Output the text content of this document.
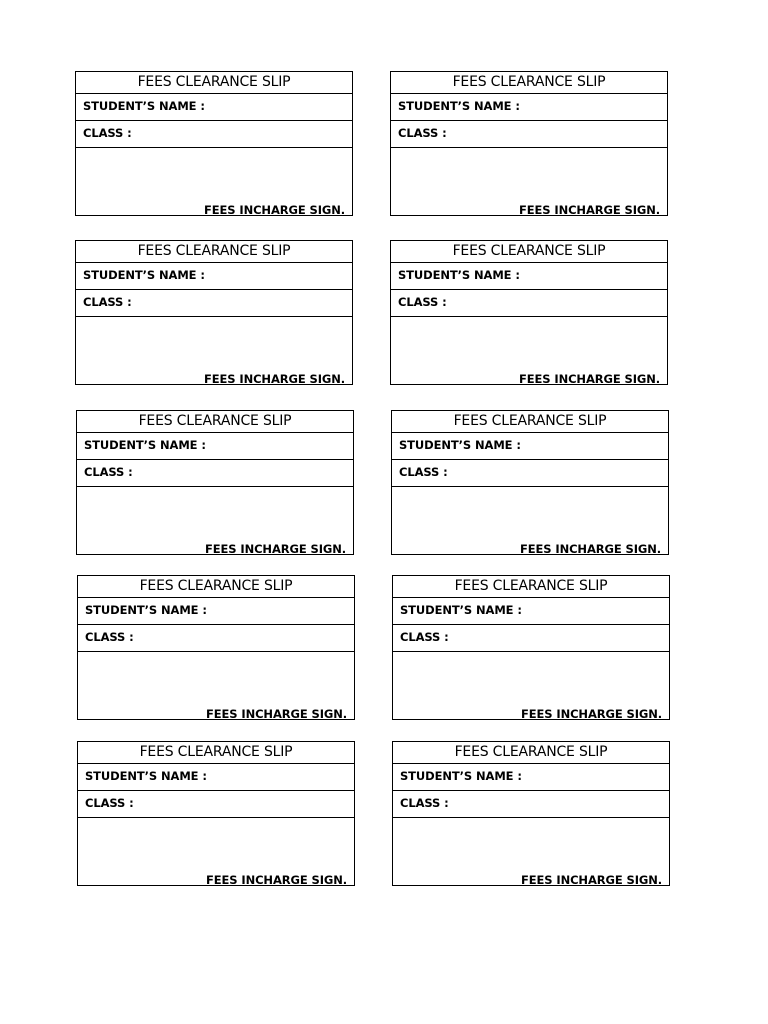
FEES CLEARANCE SLIP
STUDENT’S NAME :
CLASS :
FEES INCHARGE SIGN.
FEES CLEARANCE SLIP
STUDENT’S NAME :
CLASS :
FEES INCHARGE SIGN.
FEES CLEARANCE SLIP
STUDENT’S NAME :
CLASS :
FEES INCHARGE SIGN.
FEES CLEARANCE SLIP
STUDENT’S NAME :
CLASS :
FEES INCHARGE SIGN.
FEES CLEARANCE SLIP
STUDENT’S NAME :
CLASS :
FEES INCHARGE SIGN.
FEES CLEARANCE SLIP
STUDENT’S NAME :
CLASS :
FEES INCHARGE SIGN.
FEES CLEARANCE SLIP
STUDENT’S NAME :
CLASS :
FEES INCHARGE SIGN.
FEES CLEARANCE SLIP
STUDENT’S NAME :
CLASS :
FEES INCHARGE SIGN.
FEES CLEARANCE SLIP
STUDENT’S NAME :
CLASS :
FEES INCHARGE SIGN.
FEES CLEARANCE SLIP
STUDENT’S NAME :
CLASS :
FEES INCHARGE SIGN.
